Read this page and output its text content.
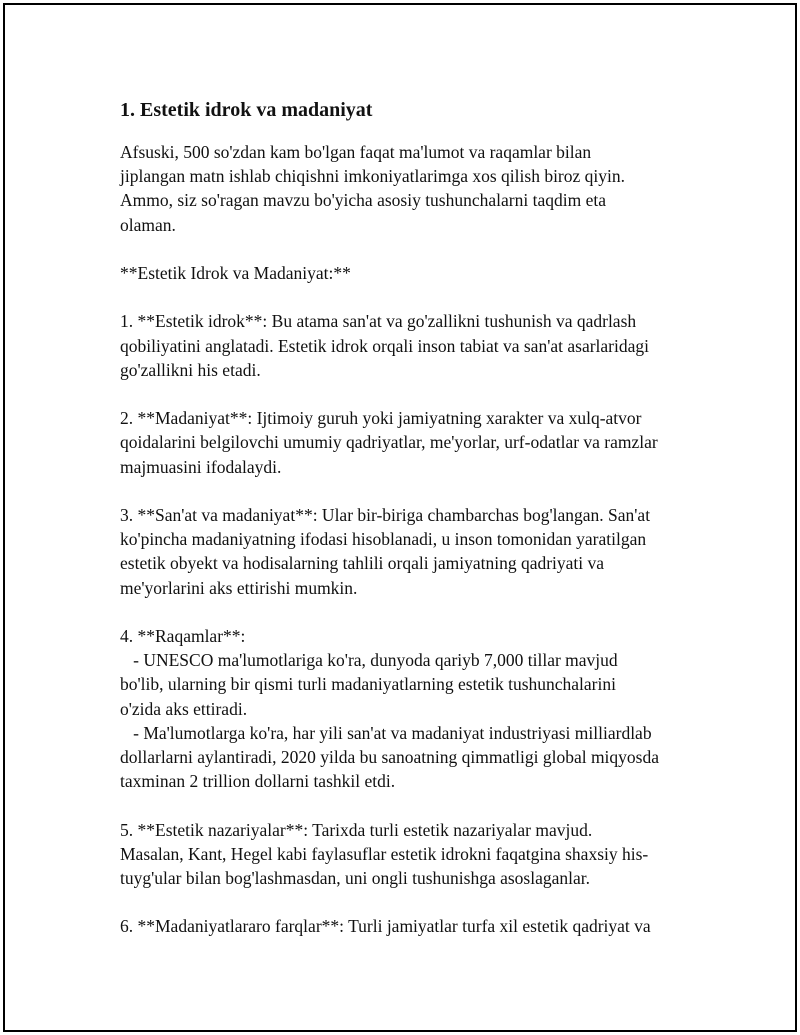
1. Estetik idrok va madaniyat

Afsuski, 500 so'zdan kam bo'lgan faqat ma'lumot va raqamlar bilan
jiplangan matn ishlab chiqishni imkoniyatlarimga xos qilish biroz qiyin.
Ammo, siz so'ragan mavzu bo'yicha asosiy tushunchalarni taqdim eta
olaman.

**Estetik Idrok va Madaniyat:**

1. **Estetik idrok**: Bu atama san'at va go'zallikni tushunish va qadrlash
qobiliyatini anglatadi. Estetik idrok orqali inson tabiat va san'at asarlaridagi
go'zallikni his etadi.

2. **Madaniyat**: Ijtimoiy guruh yoki jamiyatning xarakter va xulq-atvor
qoidalarini belgilovchi umumiy qadriyatlar, me'yorlar, urf-odatlar va ramzlar
majmuasini ifodalaydi.

3. **San'at va madaniyat**: Ular bir-biriga chambarchas bog'langan. San'at
ko'pincha madaniyatning ifodasi hisoblanadi, u inson tomonidan yaratilgan
estetik obyekt va hodisalarning tahlili orqali jamiyatning qadriyati va
me'yorlarini aks ettirishi mumkin.

4. **Raqamlar**:
- UNESCO ma'lumotlariga ko'ra, dunyoda qariyb 7,000 tillar mavjud
bo'lib, ularning bir qismi turli madaniyatlarning estetik tushunchalarini
o'zida aks ettiradi.
- Ma'lumotlarga ko'ra, har yili san'at va madaniyat industriyasi milliardlab
dollarlarni aylantiradi, 2020 yilda bu sanoatning qimmatligi global miqyosda
taxminan 2 trillion dollarni tashkil etdi.

5. **Estetik nazariyalar**: Tarixda turli estetik nazariyalar mavjud.
Masalan, Kant, Hegel kabi faylasuflar estetik idrokni faqatgina shaxsiy his-
tuyg'ular bilan bog'lashmasdan, uni ongli tushunishga asoslaganlar.

6. **Madaniyatlararo farqlar**: Turli jamiyatlar turfa xil estetik qadriyat va
